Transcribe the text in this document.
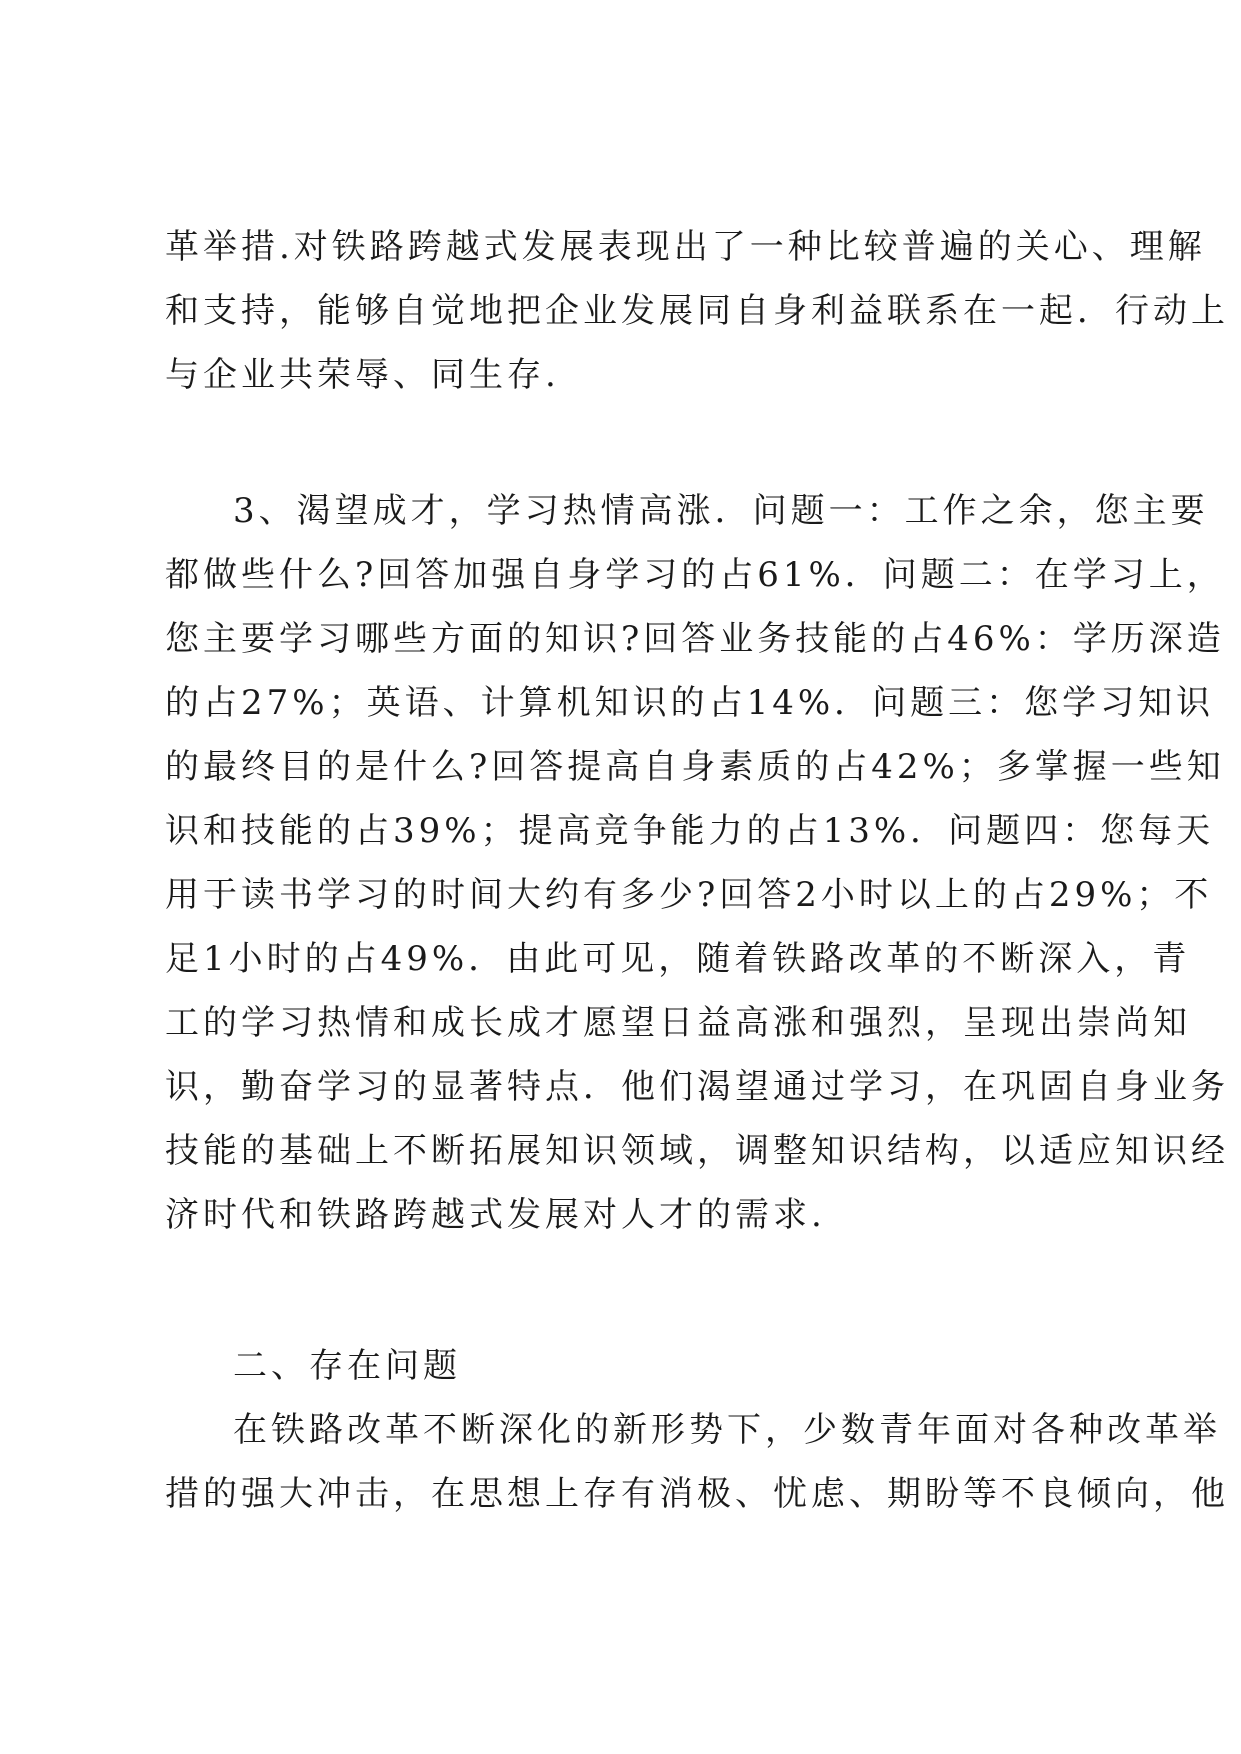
革举措.对铁路跨越式发展表现出了一种比较普遍的关心、理解
和支持，能够自觉地把企业发展同自身利益联系在一起．行动上
与企业共荣辱、同生存.
3、渴望成才，学习热情高涨．问题一：工作之余，您主要
都做些什么?回答加强自身学习的占61%．问题二：在学习上，
您主要学习哪些方面的知识?回答业务技能的占46%：学历深造
的占27%；英语、计算机知识的占14%．问题三：您学习知识
的最终目的是什么?回答提高自身素质的占42%；多掌握一些知
识和技能的占39%；提高竞争能力的占13%．问题四：您每天
用于读书学习的时间大约有多少?回答2小时以上的占29%；不
足1小时的占49%．由此可见，随着铁路改革的不断深入，青
工的学习热情和成长成才愿望日益高涨和强烈，呈现出崇尚知
识，勤奋学习的显著特点．他们渴望通过学习，在巩固自身业务
技能的基础上不断拓展知识领域，调整知识结构，以适应知识经
济时代和铁路跨越式发展对人才的需求.
二、存在问题
在铁路改革不断深化的新形势下，少数青年面对各种改革举
措的强大冲击，在思想上存有消极、忧虑、期盼等不良倾向，他
